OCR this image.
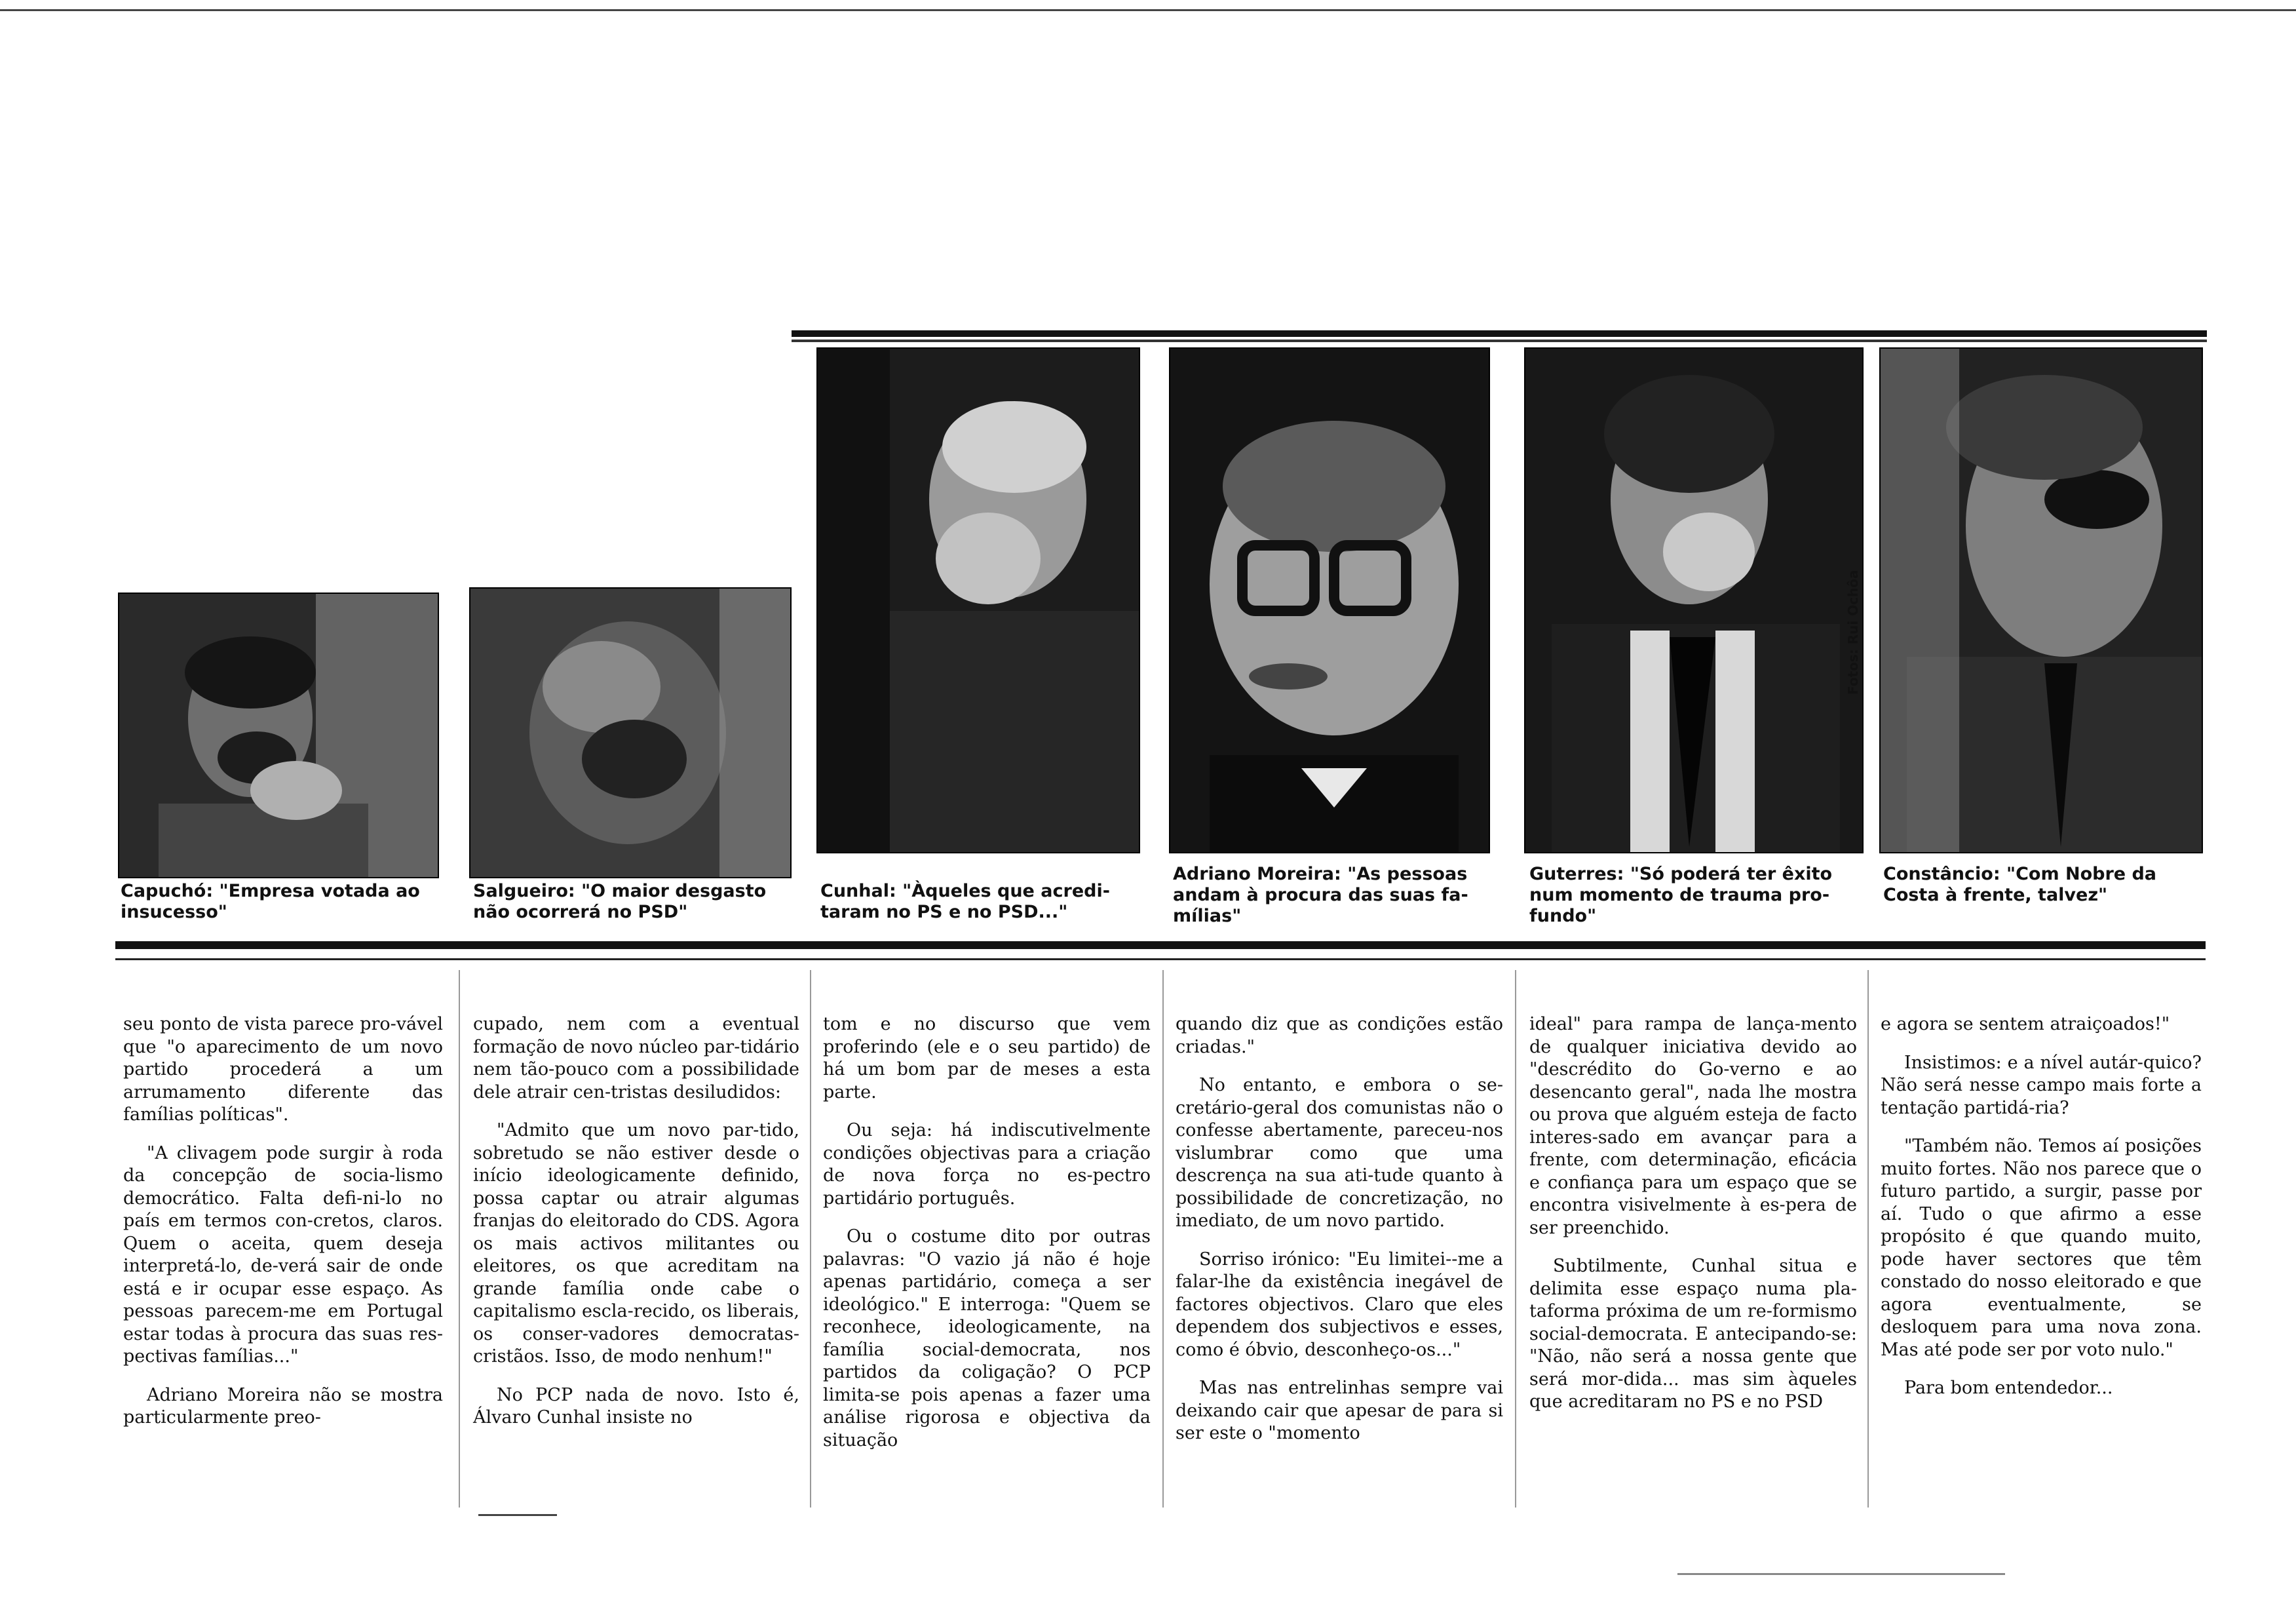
Fotos: Rui Ochôa
Capuchó: "Empresa votada ao
insucesso"
Salgueiro: "O maior desgasto
não ocorrerá no PSD"
Cunhal: "Àqueles que acredi-
taram no PS e no PSD..."
Adriano Moreira: "As pessoas
andam à procura das suas fa-
mílias"
Guterres: "Só poderá ter êxito
num momento de trauma pro-
fundo"
Constâncio: "Com Nobre da
Costa à frente, talvez"

seu ponto de vista parece pro-vável que "o aparecimento de um novo partido procederá a um arrumamento diferente das famílias políticas".

"A clivagem pode surgir à roda da concepção de socia-lismo democrático. Falta defi-ni-lo no país em termos con-cretos, claros. Quem o aceita, quem deseja interpretá-lo, de-verá sair de onde está e ir ocupar esse espaço. As pessoas parecem-me em Portugal estar todas à procura das suas res-pectivas famílias..."

Adriano Moreira não se mostra particularmente preo-

cupado, nem com a eventual formação de novo núcleo par-tidário nem tão-pouco com a possibilidade dele atrair cen-tristas desiludidos:

"Admito que um novo par-tido, sobretudo se não estiver desde o início ideologicamente definido, possa captar ou atrair algumas franjas do eleitorado do CDS. Agora os mais activos militantes ou eleitores, os que acreditam na grande família onde cabe o capitalismo escla-recido, os liberais, os conser-vadores democratas-cristãos. Isso, de modo nenhum!"

No PCP nada de novo. Isto é, Álvaro Cunhal insiste no

tom e no discurso que vem proferindo (ele e o seu partido) de há um bom par de meses a esta parte.

Ou seja: há indiscutivelmente condições objectivas para a criação de nova força no es-pectro partidário português.

Ou o costume dito por outras palavras: "O vazio já não é hoje apenas partidário, começa a ser ideológico." E interroga: "Quem se reconhece, ideologicamente, na família social-democrata, nos partidos da coligação? O PCP limita-se pois apenas a fazer uma análise rigorosa e objectiva da situação

quando diz que as condições estão criadas."

No entanto, e embora o se-cretário-geral dos comunistas não o confesse abertamente, pareceu-nos vislumbrar como que uma descrença na sua ati-tude quanto à possibilidade de concretização, no imediato, de um novo partido.

Sorriso irónico: "Eu limitei--me a falar-lhe da existência inegável de factores objectivos. Claro que eles dependem dos subjectivos e esses, como é óbvio, desconheço-os..."

Mas nas entrelinhas sempre vai deixando cair que apesar de para si ser este o "momento

ideal" para rampa de lança-mento de qualquer iniciativa devido ao "descrédito do Go-verno e ao desencanto geral", nada lhe mostra ou prova que alguém esteja de facto interes-sado em avançar para a frente, com determinação, eficácia e confiança para um espaço que se encontra visivelmente à es-pera de ser preenchido.

Subtilmente, Cunhal situa e delimita esse espaço numa pla-taforma próxima de um re-formismo social-democrata. E antecipando-se: "Não, não será a nossa gente que será mor-dida... mas sim àqueles que acreditaram no PS e no PSD

e agora se sentem atraiçoados!"

Insistimos: e a nível autár-quico? Não será nesse campo mais forte a tentação partidá-ria?

"Também não. Temos aí posições muito fortes. Não nos parece que o futuro partido, a surgir, passe por aí. Tudo o que afirmo a esse propósito é que quando muito, pode haver sectores que têm constado do nosso eleitorado e que agora eventualmente, se desloquem para uma nova zona. Mas até pode ser por voto nulo."

Para bom entendedor...
